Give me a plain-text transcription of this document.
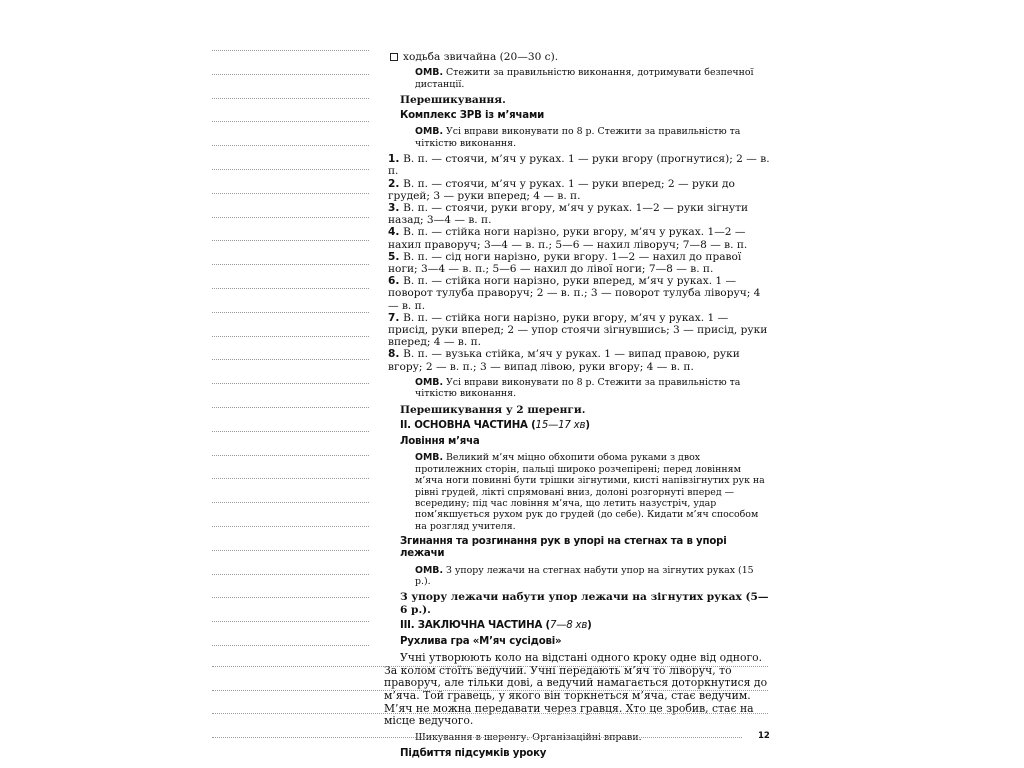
ходьба звичайна (20—30 с).
ОМВ. Стежити за правильністю виконання, дотримувати безпечної дистанції.
Перешикування.
Комплекс ЗРВ із м’ячами
ОМВ. Усі вправи виконувати по 8 р. Стежити за правильністю та чіткістю виконання.
1. В. п. — стоячи, м’яч у руках. 1 — руки вгору (прогнутися); 2 — в. п.
2. В. п. — стоячи, м’яч у руках. 1 — руки вперед; 2 — руки до грудей; 3 — руки вперед; 4 — в. п.
3. В. п. — стоячи, руки вгору, м’яч у руках. 1—2 — руки зігнути назад; 3—4 — в. п.
4. В. п. — стійка ноги нарізно, руки вгору, м’яч у руках. 1—2 — нахил праворуч; 3—4 — в. п.; 5—6 — нахил ліворуч; 7—8 — в. п.
5. В. п. — сід ноги нарізно, руки вгору. 1—2 — нахил до правої ноги; 3—4 — в. п.; 5—6 — нахил до лівої ноги; 7—8 — в. п.
6. В. п. — стійка ноги нарізно, руки вперед, м’яч у руках. 1 — поворот тулуба праворуч; 2 — в. п.; 3 — поворот тулуба ліворуч; 4 — в. п.
7. В. п. — стійка ноги нарізно, руки вгору, м’яч у руках. 1 — присід, руки вперед; 2 — упор стоячи зігнувшись; 3 — присід, руки вперед; 4 — в. п.
8. В. п. — вузька стійка, м’яч у руках. 1 — випад правою, руки вгору; 2 — в. п.; 3 — випад лівою, руки вгору; 4 — в. п.
ОМВ. Усі вправи виконувати по 8 р. Стежити за правильністю та чіткістю виконання.
Перешикування у 2 шеренги.
ІІ. ОСНОВНА ЧАСТИНА (15—17 хв)
Ловіння м’яча
ОМВ. Великий м’яч міцно обхопити обома руками з двох протилежних сторін, пальці широко розчепірені; перед ловінням м’яча ноги повинні бути трішки зігнутими, кисті напівзігнутих рук на рівні грудей, лікті спрямовані вниз, долоні розгорнуті вперед — всередину; під час ловіння м’яча, що летить назустріч, удар пом’якшується рухом рук до грудей (до себе). Кидати м’яч способом на розгляд учителя.
Згинання та розгинання рук в упорі на стегнах та в упорі лежачи
ОМВ. З упору лежачи на стегнах набути упор на зігнутих руках (15 р.).
З упору лежачи набути упор лежачи на зігнутих руках (5—6 р.).
ІІІ. ЗАКЛЮЧНА ЧАСТИНА (7—8 хв)
Рухлива гра «М’яч сусідові»
Учні утворюють коло на відстані одного кроку одне від одного. За колом стоїть ведучий. Учні передають м’яч то ліворуч, то праворуч, але тільки дові, а ведучий намагається доторкнутися до м’яча. Той гравець, у якого він торкнеться м’яча, стає ведучим. М’яч не можна передавати через гравця. Хто це зробив, стає на місце ведучого.
Шикування в шеренгу. Організаційні вправи.
Підбиття підсумків уроку
12
